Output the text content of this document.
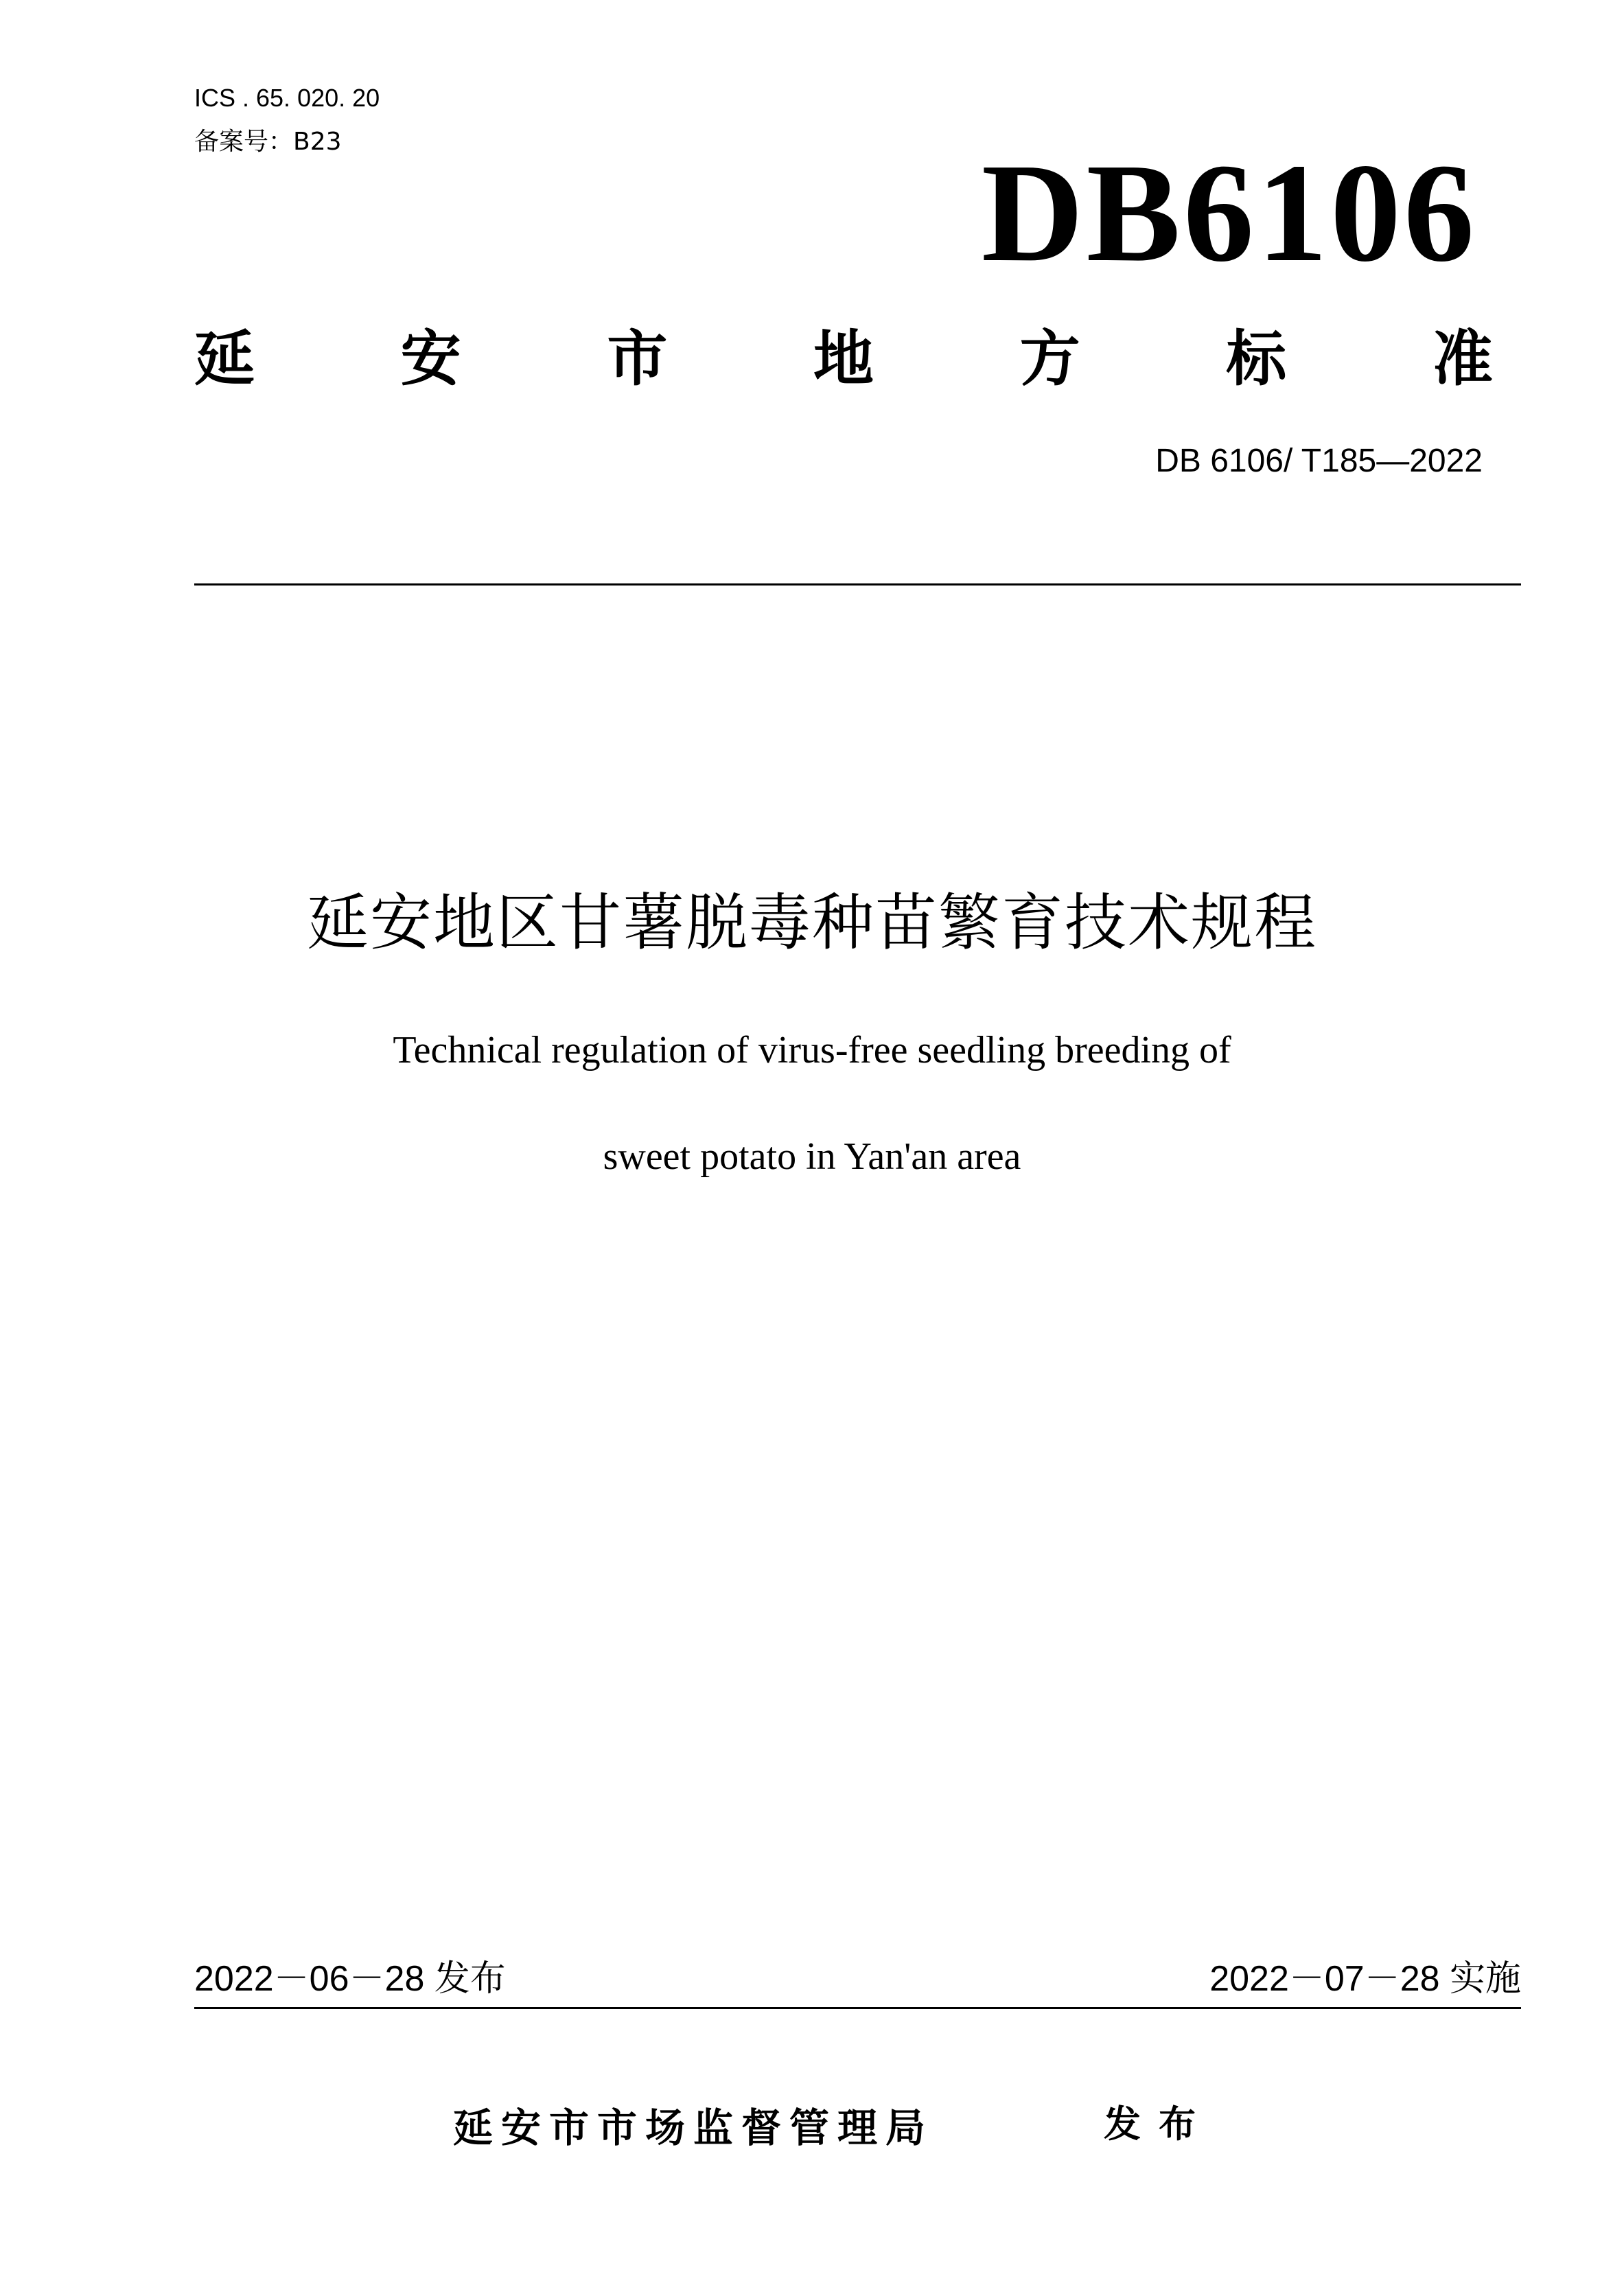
ICS . 65. 020. 20
备案号：B23	DB6106
延 安 市 地 方 标 准
DB 6106/ T185—2022
延安地区甘薯脱毒种苗繁育技术规程
Technical regulation of virus-free seedling breeding of
sweet potato in Yan'an area
2022－06－28 发布	2022－07－28 实施
延安市市场监督管理局	发布
